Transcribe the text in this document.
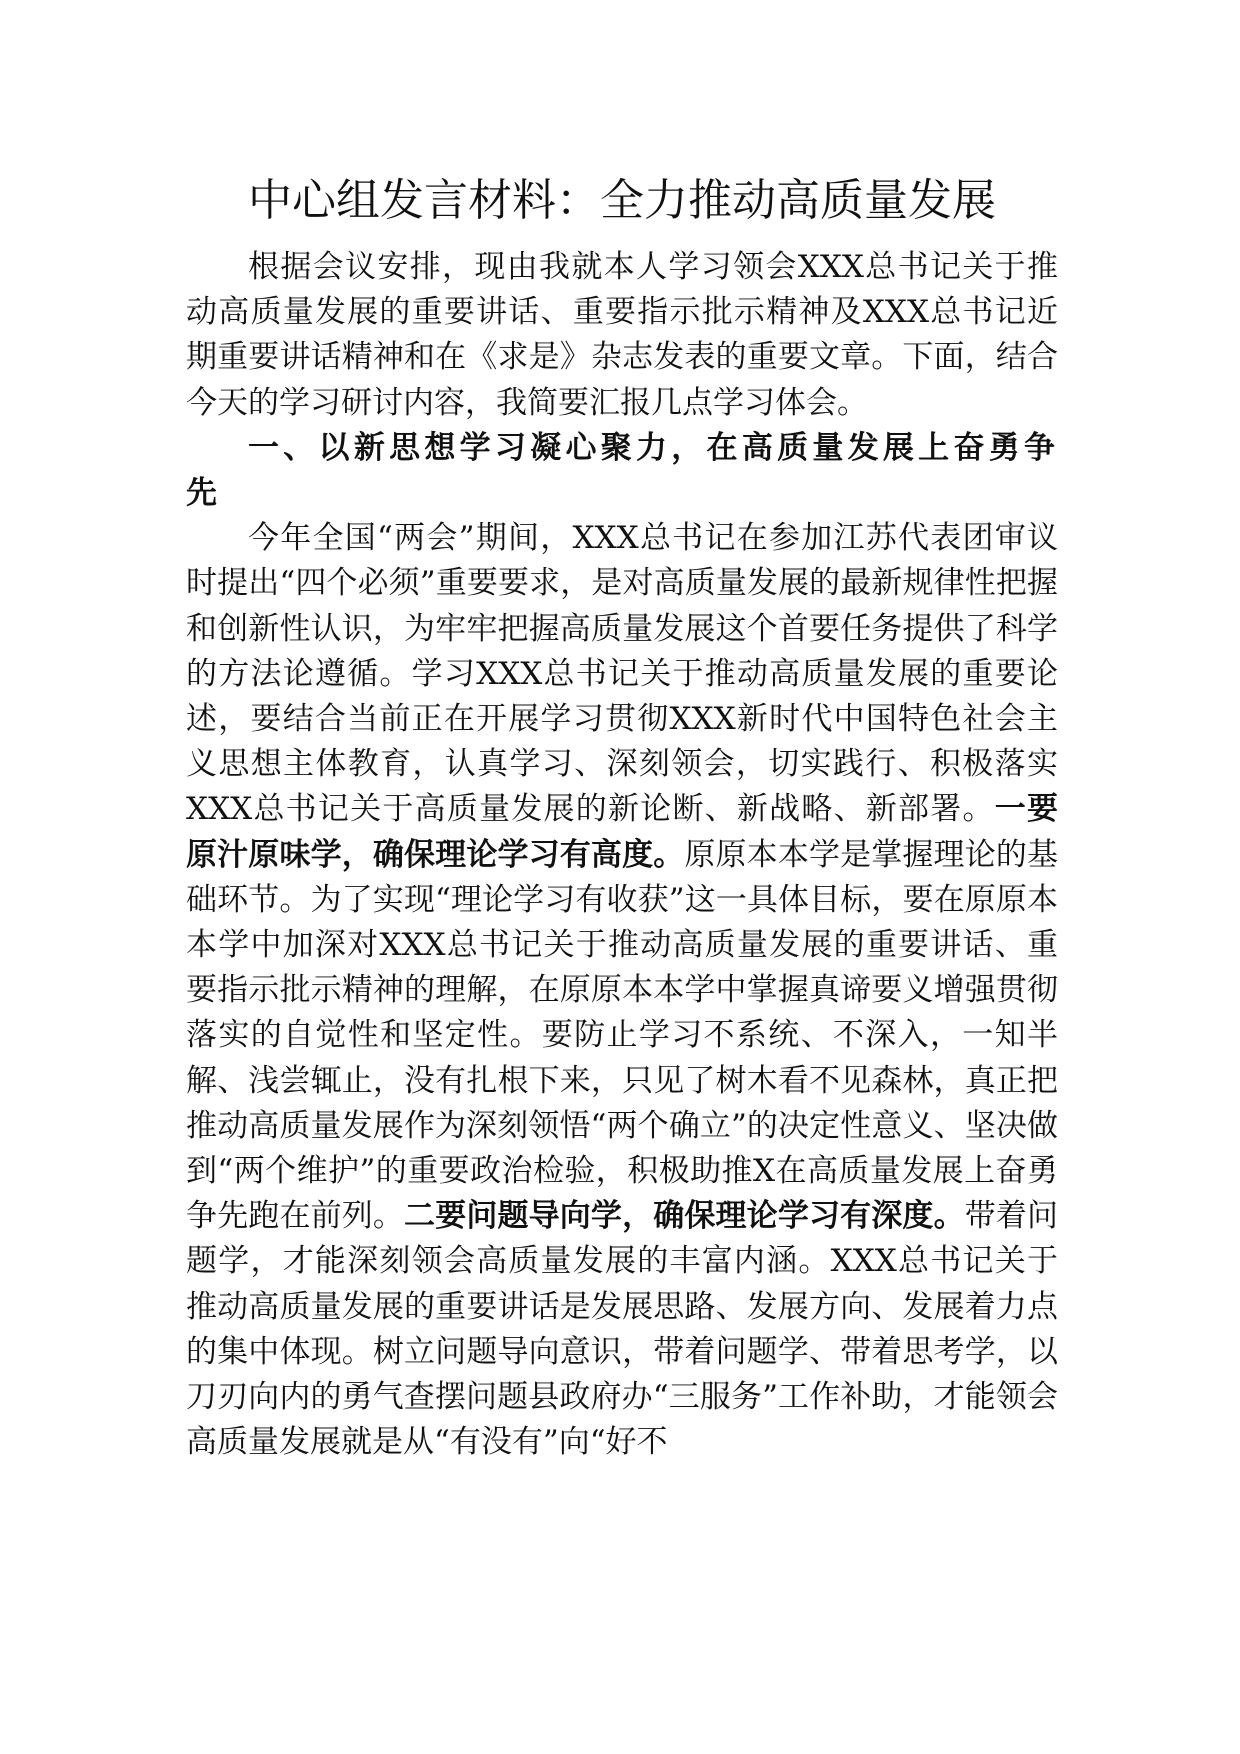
中心组发言材料：全力推动高质量发展

根据会议安排，现由我就本人学习领会XXX总书记关于推动高质量发展的重要讲话、重要指示批示精神及XXX总书记近期重要讲话精神和在《求是》杂志发表的重要文章。下面，结合今天的学习研讨内容，我简要汇报几点学习体会。

一、以新思想学习凝心聚力，在高质量发展上奋勇争先

今年全国“两会”期间，XXX总书记在参加江苏代表团审议时提出“四个必须”重要要求，是对高质量发展的最新规律性把握和创新性认识，为牢牢把握高质量发展这个首要任务提供了科学的方法论遵循。学习XXX总书记关于推动高质量发展的重要论述，要结合当前正在开展学习贯彻XXX新时代中国特色社会主义思想主体教育，认真学习、深刻领会，切实践行、积极落实XXX总书记关于高质量发展的新论断、新战略、新部署。一要原汁原味学，确保理论学习有高度。原原本本学是掌握理论的基础环节。为了实现“理论学习有收获”这一具体目标，要在原原本本学中加深对XXX总书记关于推动高质量发展的重要讲话、重要指示批示精神的理解，在原原本本学中掌握真谛要义增强贯彻落实的自觉性和坚定性。要防止学习不系统、不深入，一知半解、浅尝辄止，没有扎根下来，只见了树木看不见森林，真正把推动高质量发展作为深刻领悟“两个确立”的决定性意义、坚决做到“两个维护”的重要政治检验，积极助推X在高质量发展上奋勇争先跑在前列。二要问题导向学，确保理论学习有深度。带着问题学，才能深刻领会高质量发展的丰富内涵。XXX总书记关于推动高质量发展的重要讲话是发展思路、发展方向、发展着力点的集中体现。树立问题导向意识，带着问题学、带着思考学，以刀刃向内的勇气查摆问题县政府办“三服务”工作补助，才能领会高质量发展就是从“有没有”向“好不
